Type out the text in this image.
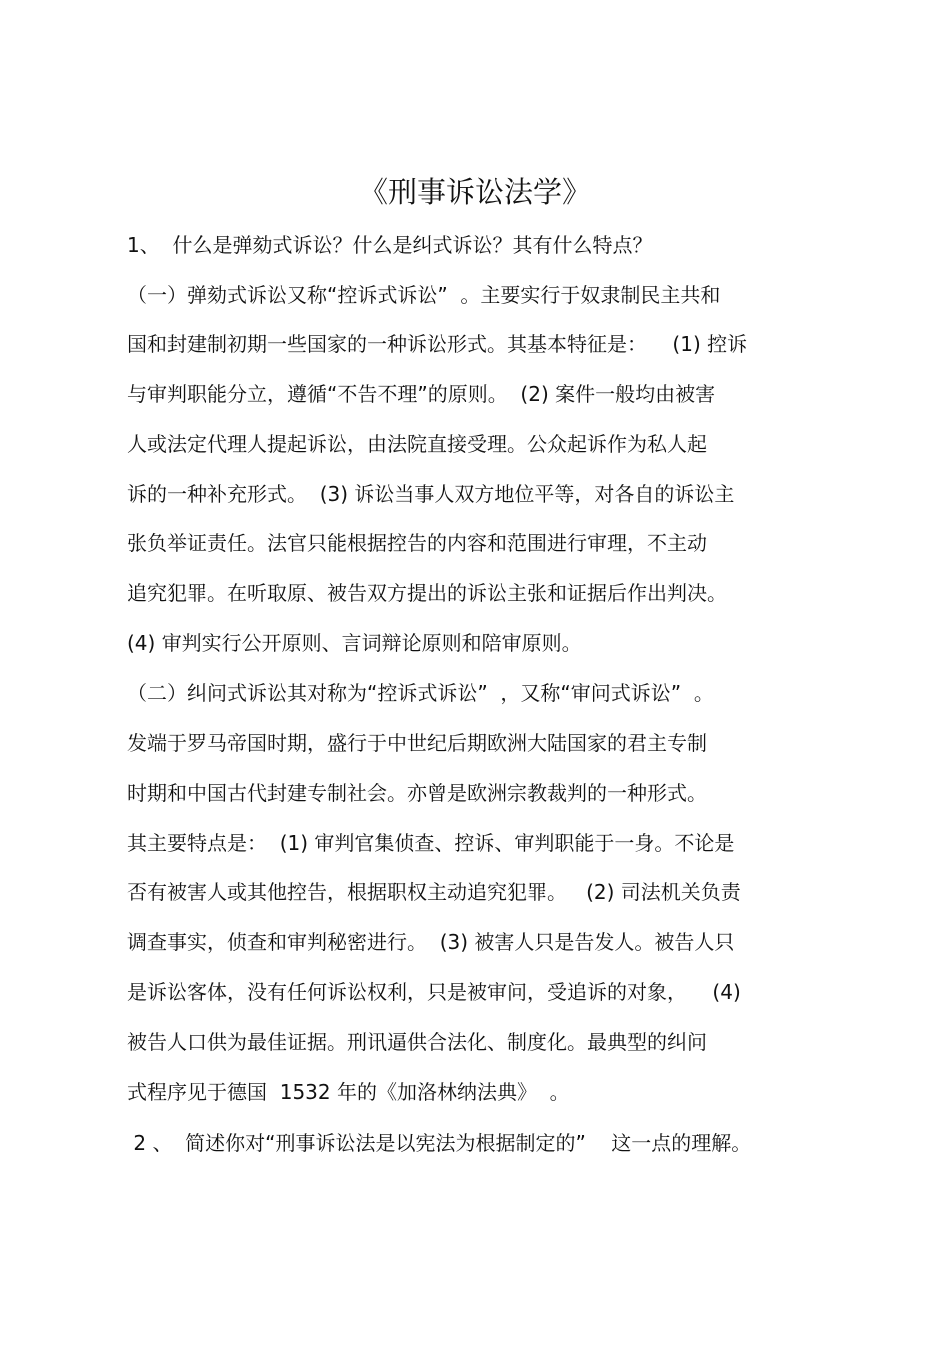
《刑事诉讼法学》
1、  什么是弹劾式诉讼？什么是纠式诉讼？其有什么特点？
（一）弹劾式诉讼又称“控诉式诉讼”  。主要实行于奴隶制民主共和
国和封建制初期一些国家的一种诉讼形式。其基本特征是：    (1) 控诉
与审判职能分立，遵循“不告不理”的原则。  (2) 案件一般均由被害
人或法定代理人提起诉讼，由法院直接受理。公众起诉作为私人起
诉的一种补充形式。  (3) 诉讼当事人双方地位平等，对各自的诉讼主
张负举证责任。法官只能根据控告的内容和范围进行审理，不主动
追究犯罪。在听取原、被告双方提出的诉讼主张和证据后作出判决。
(4) 审判实行公开原则、言词辩论原则和陪审原则。
（二）纠问式诉讼其对称为“控诉式诉讼”  ，又称“审问式诉讼”  。
发端于罗马帝国时期，盛行于中世纪后期欧洲大陆国家的君主专制
时期和中国古代封建专制社会。亦曾是欧洲宗教裁判的一种形式。
其主要特点是：  (1) 审判官集侦查、控诉、审判职能于一身。不论是
否有被害人或其他控告，根据职权主动追究犯罪。   (2) 司法机关负责
调查事实，侦查和审判秘密进行。  (3) 被害人只是告发人。被告人只
是诉讼客体，没有任何诉讼权利，只是被审问，受追诉的对象，    (4)
被告人口供为最佳证据。刑讯逼供合法化、制度化。最典型的纠问
式程序见于德国  1532 年的《加洛林纳法典》  。
2 、  简述你对“刑事诉讼法是以宪法为根据制定的”    这一点的理解。
